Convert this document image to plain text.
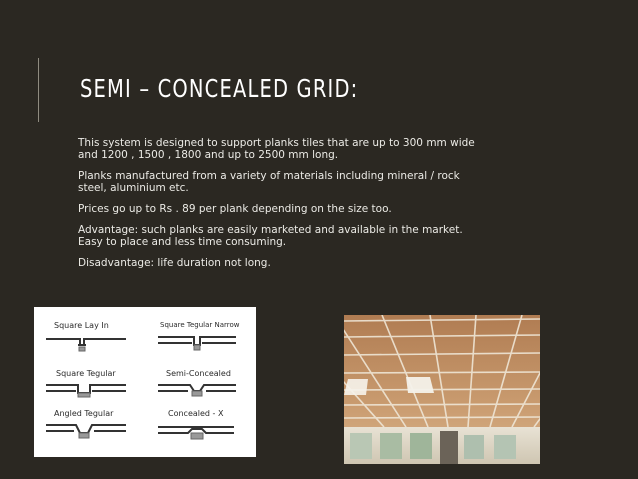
SEMI – CONCEALED GRID:

This system is designed to support planks tiles that are up to 300 mm wide and 1200 , 1500 , 1800 and up to 2500 mm long.

Planks manufactured from a variety of materials including mineral / rock steel, aluminium etc.

Prices go up to Rs . 89 per plank depending on the size too.

Advantage: such planks are easily marketed and available in the market. Easy to place and less time consuming.

Disadvantage: life duration not long.

Square Lay In	Square Tegular Narrow
Square Tegular	Semi-Concealed
Angled Tegular	Concealed - X
